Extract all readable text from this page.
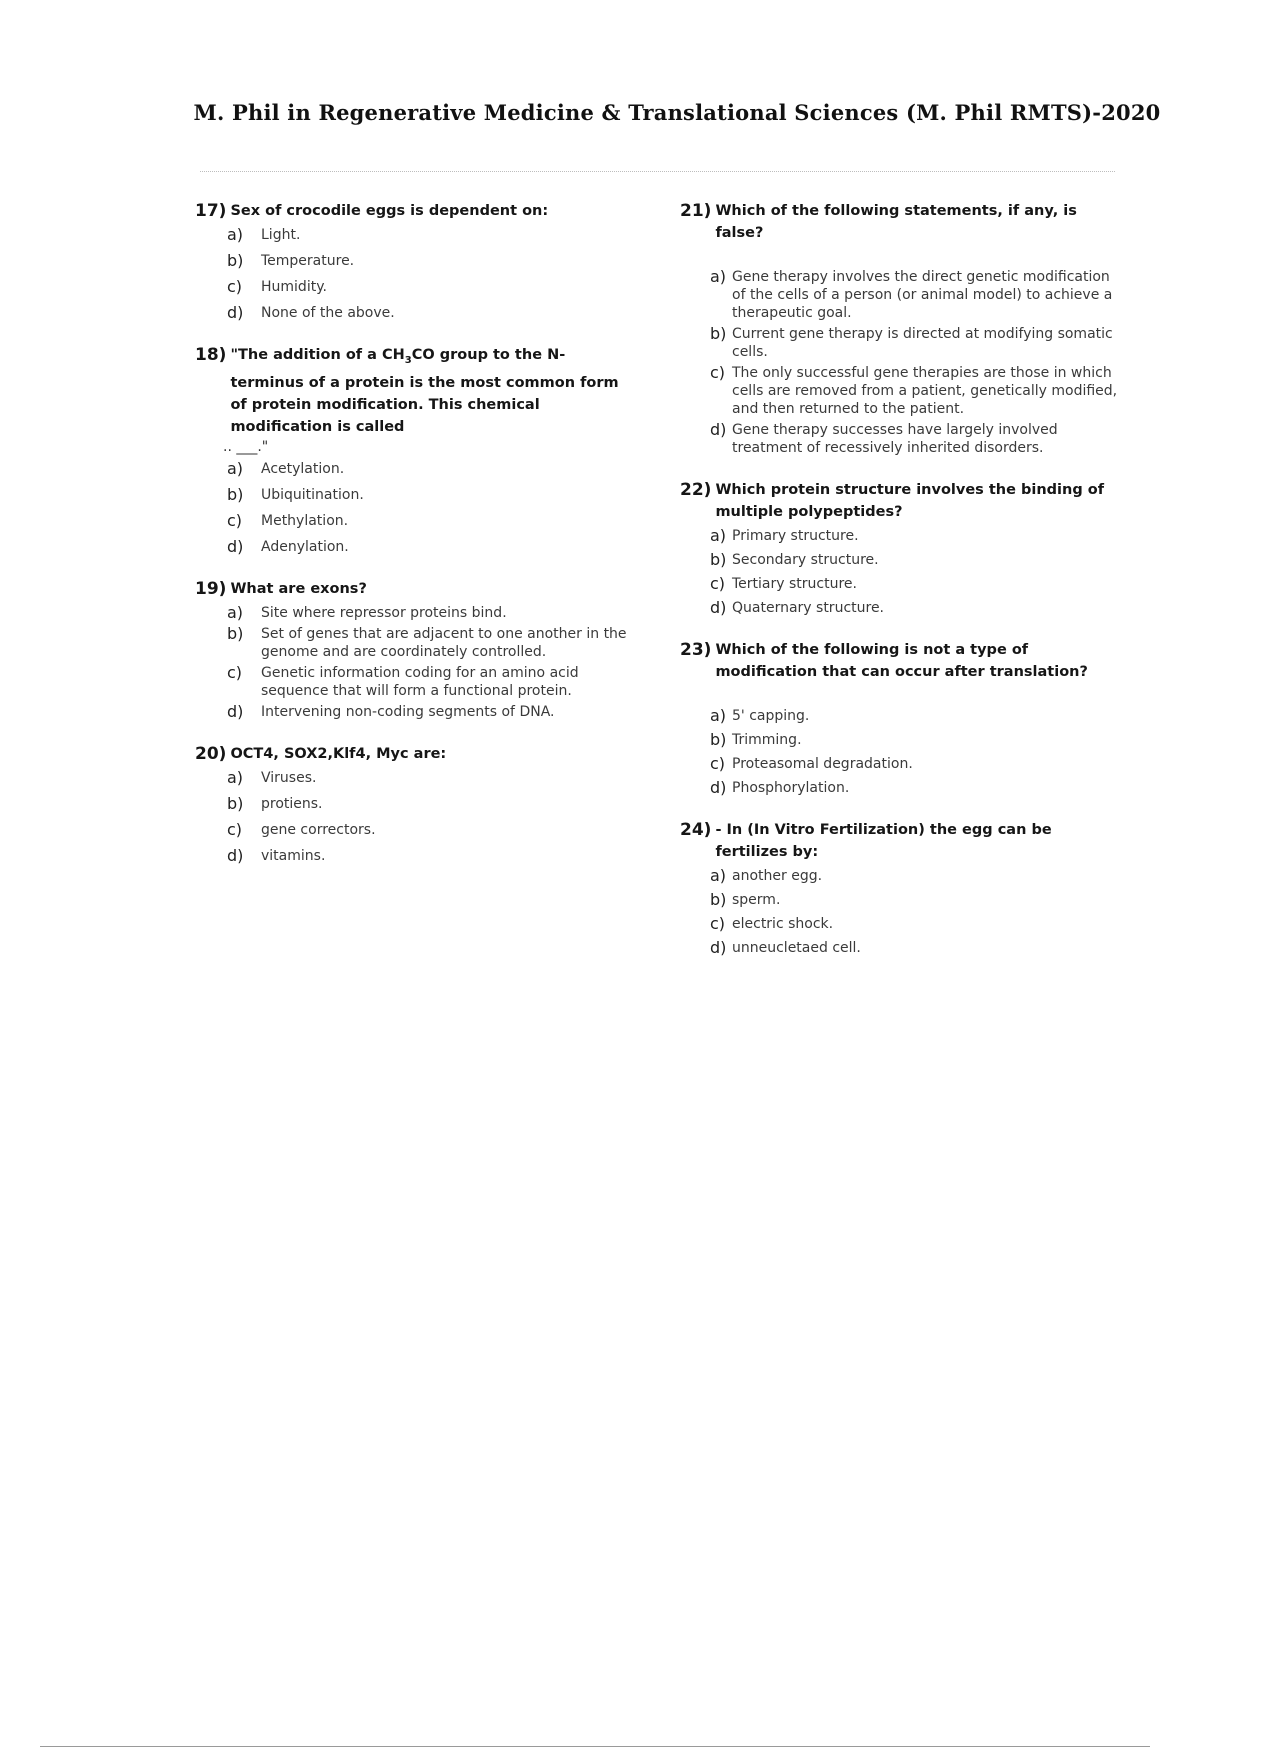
M. Phil in Regenerative Medicine & Translational Sciences (M. Phil RMTS)-2020
17) Sex of crocodile eggs is dependent on:
a)	Light.
b)	Temperature.
c)	Humidity.
d)	None of the above.
18) "The addition of a $CH_3CO$ group to the N-terminus of a protein is the most common form of protein modification. This chemical modification is called
.. ___."
a)	Acetylation.
b)	Ubiquitination.
c)	Methylation.
d)	Adenylation.
19) What are exons?
a)	Site where repressor proteins bind.
b)	Set of genes that are adjacent to one another in the genome and are coordinately controlled.
c)	Genetic information coding for an amino acid sequence that will form a functional protein.
d)	Intervening non-coding segments of DNA.
20) OCT4, SOX2,Klf4, Myc are:
a)	Viruses.
b)	protiens.
c)	gene correctors.
d)	vitamins.
21) Which of the following statements, if any, is false?
a) Gene therapy involves the direct genetic modification of the cells of a person (or animal model) to achieve a therapeutic goal.
b) Current gene therapy is directed at modifying somatic cells.
c) The only successful gene therapies are those in which cells are removed from a patient, genetically modified, and then returned to the patient.
d) Gene therapy successes have largely involved treatment of recessively inherited disorders.
22) Which protein structure involves the binding of multiple polypeptides?
a) Primary structure.
b) Secondary structure.
c) Tertiary structure.
d) Quaternary structure.
23) Which of the following is not a type of modification that can occur after translation?
a) 5' capping.
b) Trimming.
c) Proteasomal degradation.
d) Phosphorylation.
24) - In (In Vitro Fertilization) the egg can be fertilizes by:
a) another egg.
b) sperm.
c) electric shock.
d) unneucletaed cell.
